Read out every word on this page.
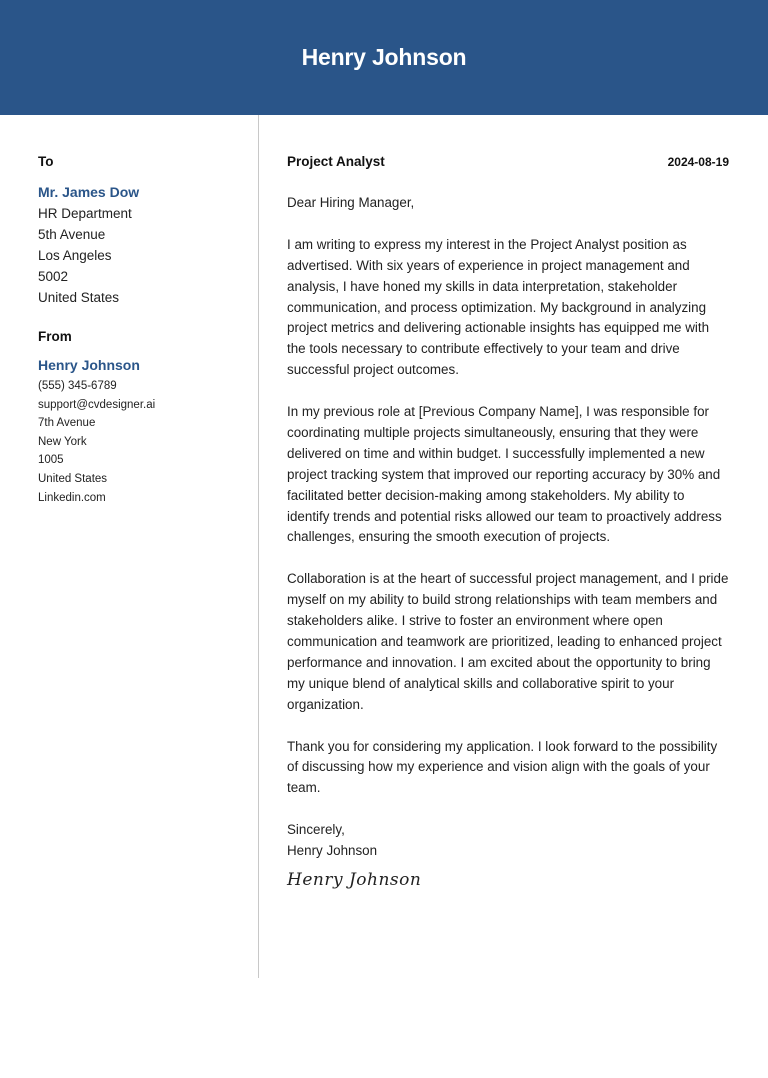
Henry Johnson
To
Mr. James Dow
HR Department
5th Avenue
Los Angeles
5002
United States
From
Henry Johnson
(555) 345-6789
support@cvdesigner.ai
7th Avenue
New York
1005
United States
Linkedin.com
Project Analyst	2024-08-19

Dear Hiring Manager,

I am writing to express my interest in the Project Analyst position as advertised. With six years of experience in project management and analysis, I have honed my skills in data interpretation, stakeholder communication, and process optimization. My background in analyzing project metrics and delivering actionable insights has equipped me with the tools necessary to contribute effectively to your team and drive successful project outcomes.

In my previous role at [Previous Company Name], I was responsible for coordinating multiple projects simultaneously, ensuring that they were delivered on time and within budget. I successfully implemented a new project tracking system that improved our reporting accuracy by 30% and facilitated better decision-making among stakeholders. My ability to identify trends and potential risks allowed our team to proactively address challenges, ensuring the smooth execution of projects.

Collaboration is at the heart of successful project management, and I pride myself on my ability to build strong relationships with team members and stakeholders alike. I strive to foster an environment where open communication and teamwork are prioritized, leading to enhanced project performance and innovation. I am excited about the opportunity to bring my unique blend of analytical skills and collaborative spirit to your organization.

Thank you for considering my application. I look forward to the possibility of discussing how my experience and vision align with the goals of your team.

Sincerely,
Henry Johnson
Henry Johnson
